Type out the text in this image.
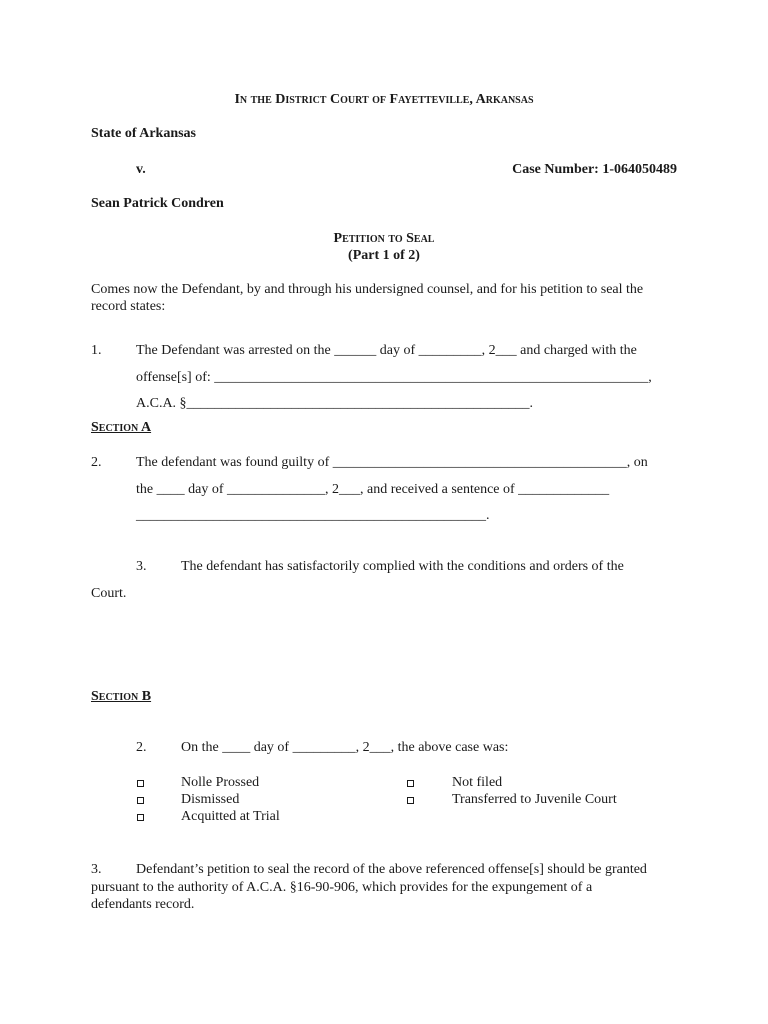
In the District Court of Fayetteville, Arkansas
State of Arkansas
v.	Case Number: 1-064050489
Sean Patrick Condren
Petition to Seal
(Part 1 of 2)
Comes now the Defendant, by and through his undersigned counsel, and for his petition to seal the
record states:
1. The Defendant was arrested on the ______ day of _________, 2___ and charged with the
offense[s] of: ______________________________________________________________,
A.C.A. §_________________________________________________.
Section A
2. The defendant was found guilty of __________________________________________, on
the ____ day of ______________, 2___, and received a sentence of _____________
__________________________________________________.
3. The defendant has satisfactorily complied with the conditions and orders of the
Court.
Section B
2. On the ____ day of _________, 2___, the above case was:
Nolle Prossed
Dismissed
Acquitted at Trial
Not filed
Transferred to Juvenile Court
3. Defendant’s petition to seal the record of the above referenced offense[s] should be granted
pursuant to the authority of A.C.A. §16-90-906, which provides for the expungement of a
defendants record.
